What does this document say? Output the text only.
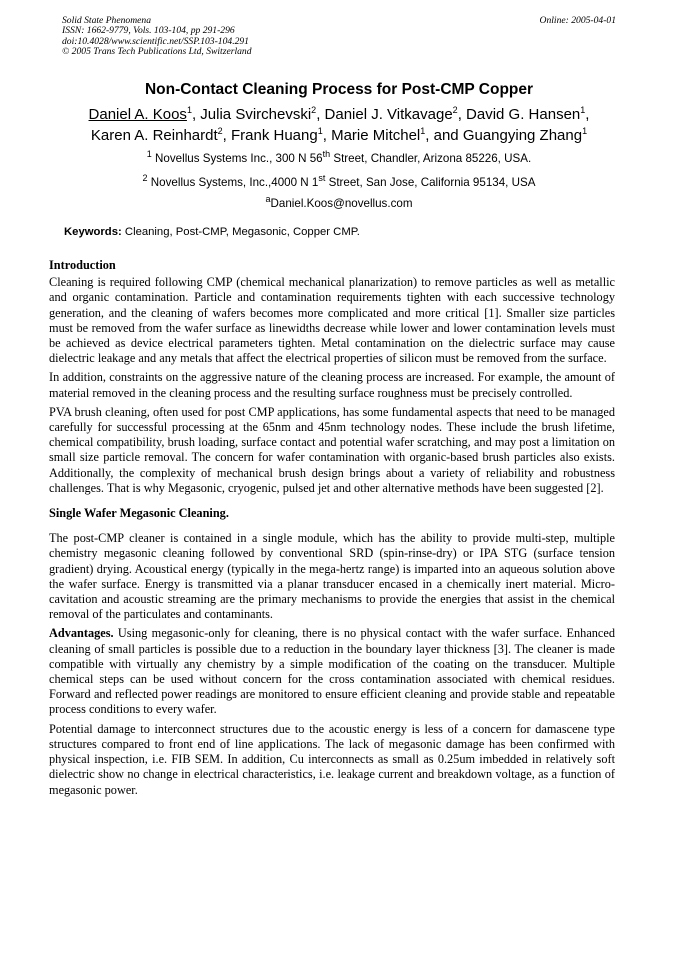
Solid State Phenomena
ISSN: 1662-9779, Vols. 103-104, pp 291-296
doi:10.4028/www.scientific.net/SSP.103-104.291
© 2005 Trans Tech Publications Ltd, Switzerland
Online: 2005-04-01
Non-Contact Cleaning Process for Post-CMP Copper
Daniel A. Koos$^1$, Julia Svirchevski$^2$, Daniel J. Vitkavage$^2$, David G. Hansen$^1$,
Karen A. Reinhardt$^2$, Frank Huang$^1$, Marie Mitchel$^1$, and Guangying Zhang$^1$
$^1$ Novellus Systems Inc., 300 N 56th Street, Chandler, Arizona 85226, USA.
$^2$ Novellus Systems, Inc.,4000 N 1st Street, San Jose, California 95134, USA
$^a$Daniel.Koos@novellus.com
Keywords: Cleaning, Post-CMP, Megasonic, Copper CMP.
Introduction

Cleaning is required following CMP (chemical mechanical planarization) to remove particles as well as metallic and organic contamination. Particle and contamination requirements tighten with each successive technology generation, and the cleaning of wafers becomes more complicated and more critical [1]. Smaller size particles must be removed from the wafer surface as linewidths decrease while lower and lower contamination levels must be achieved as device electrical parameters tighten. Metal contamination on the dielectric surface may cause dielectric leakage and any metals that affect the electrical properties of silicon must be removed from the surface.

In addition, constraints on the aggressive nature of the cleaning process are increased. For example, the amount of material removed in the cleaning process and the resulting surface roughness must be precisely controlled.

PVA brush cleaning, often used for post CMP applications, has some fundamental aspects that need to be managed carefully for successful processing at the 65nm and 45nm technology nodes. These include the brush lifetime, chemical compatibility, brush loading, surface contact and potential wafer scratching, and may post a limitation on small size particle removal. The concern for wafer contamination with organic-based brush particles also exists. Additionally, the complexity of mechanical brush design brings about a variety of reliability and robustness challenges. That is why Megasonic, cryogenic, pulsed jet and other alternative methods have been suggested [2].

Single Wafer Megasonic Cleaning.

The post-CMP cleaner is contained in a single module, which has the ability to provide multi-step, multiple chemistry megasonic cleaning followed by conventional SRD (spin-rinse-dry) or IPA STG (surface tension gradient) drying. Acoustical energy (typically in the mega-hertz range) is imparted into an aqueous solution above the wafer surface. Energy is transmitted via a planar transducer encased in a chemically inert material. Micro-cavitation and acoustic streaming are the primary mechanisms to provide the energies that assist in the chemical removal of the particulates and contaminants.

Advantages. Using megasonic-only for cleaning, there is no physical contact with the wafer surface. Enhanced cleaning of small particles is possible due to a reduction in the boundary layer thickness [3]. The cleaner is made compatible with virtually any chemistry by a simple modification of the coating on the transducer. Multiple chemical steps can be used without concern for the cross contamination associated with chemical residues. Forward and reflected power readings are monitored to ensure efficient cleaning and provide stable and repeatable process conditions to every wafer.

Potential damage to interconnect structures due to the acoustic energy is less of a concern for damascene type structures compared to front end of line applications. The lack of megasonic damage has been confirmed with physical inspection, i.e. FIB SEM. In addition, Cu interconnects as small as 0.25um imbedded in relatively soft dielectric show no change in electrical characteristics, i.e. leakage current and breakdown voltage, as a function of megasonic power.
